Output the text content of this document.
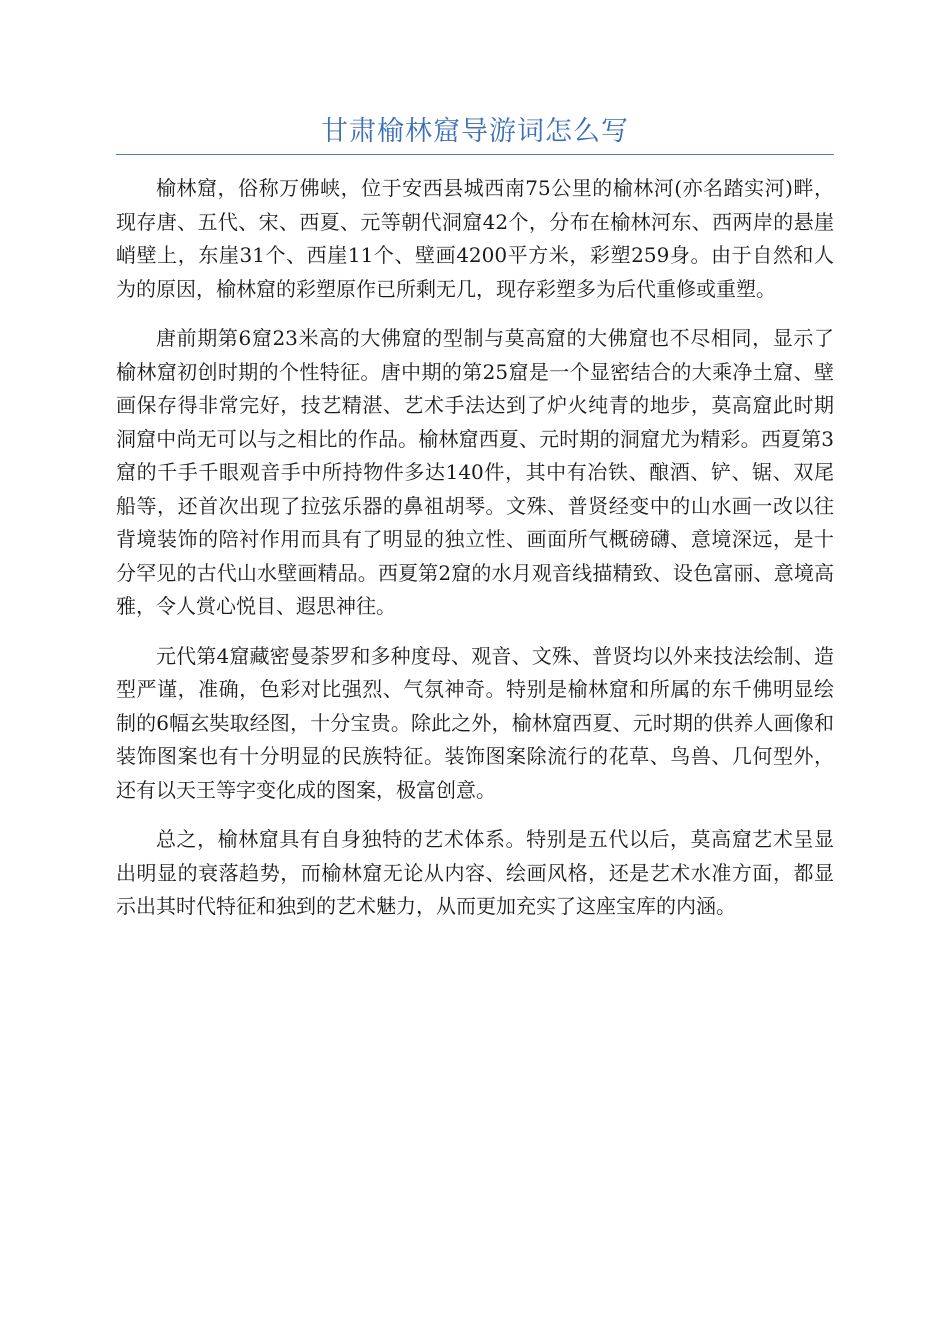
甘肃榆林窟导游词怎么写

榆林窟，俗称万佛峡，位于安西县城西南75公里的榆林河(亦名踏实河)畔，现存唐、五代、宋、西夏、元等朝代洞窟42个，分布在榆林河东、西两岸的悬崖峭壁上，东崖31个、西崖11个、壁画4200平方米，彩塑259身。由于自然和人为的原因，榆林窟的彩塑原作已所剩无几，现存彩塑多为后代重修或重塑。

唐前期第6窟23米高的大佛窟的型制与莫高窟的大佛窟也不尽相同，显示了榆林窟初创时期的个性特征。唐中期的第25窟是一个显密结合的大乘净土窟、壁画保存得非常完好，技艺精湛、艺术手法达到了炉火纯青的地步，莫高窟此时期洞窟中尚无可以与之相比的作品。榆林窟西夏、元时期的洞窟尤为精彩。西夏第3窟的千手千眼观音手中所持物件多达140件，其中有冶铁、酿酒、铲、锯、双尾船等，还首次出现了拉弦乐器的鼻祖胡琴。文殊、普贤经变中的山水画一改以往背境装饰的陪衬作用而具有了明显的独立性、画面所气概磅礴、意境深远，是十分罕见的古代山水壁画精品。西夏第2窟的水月观音线描精致、设色富丽、意境高雅，令人赏心悦目、遐思神往。

元代第4窟藏密曼荼罗和多种度母、观音、文殊、普贤均以外来技法绘制、造型严谨，准确，色彩对比强烈、气氛神奇。特别是榆林窟和所属的东千佛明显绘制的6幅玄奘取经图，十分宝贵。除此之外，榆林窟西夏、元时期的供养人画像和装饰图案也有十分明显的民族特征。装饰图案除流行的花草、鸟兽、几何型外，还有以天王等字变化成的图案，极富创意。

总之，榆林窟具有自身独特的艺术体系。特别是五代以后，莫高窟艺术呈显出明显的衰落趋势，而榆林窟无论从内容、绘画风格，还是艺术水准方面，都显示出其时代特征和独到的艺术魅力，从而更加充实了这座宝库的内涵。
